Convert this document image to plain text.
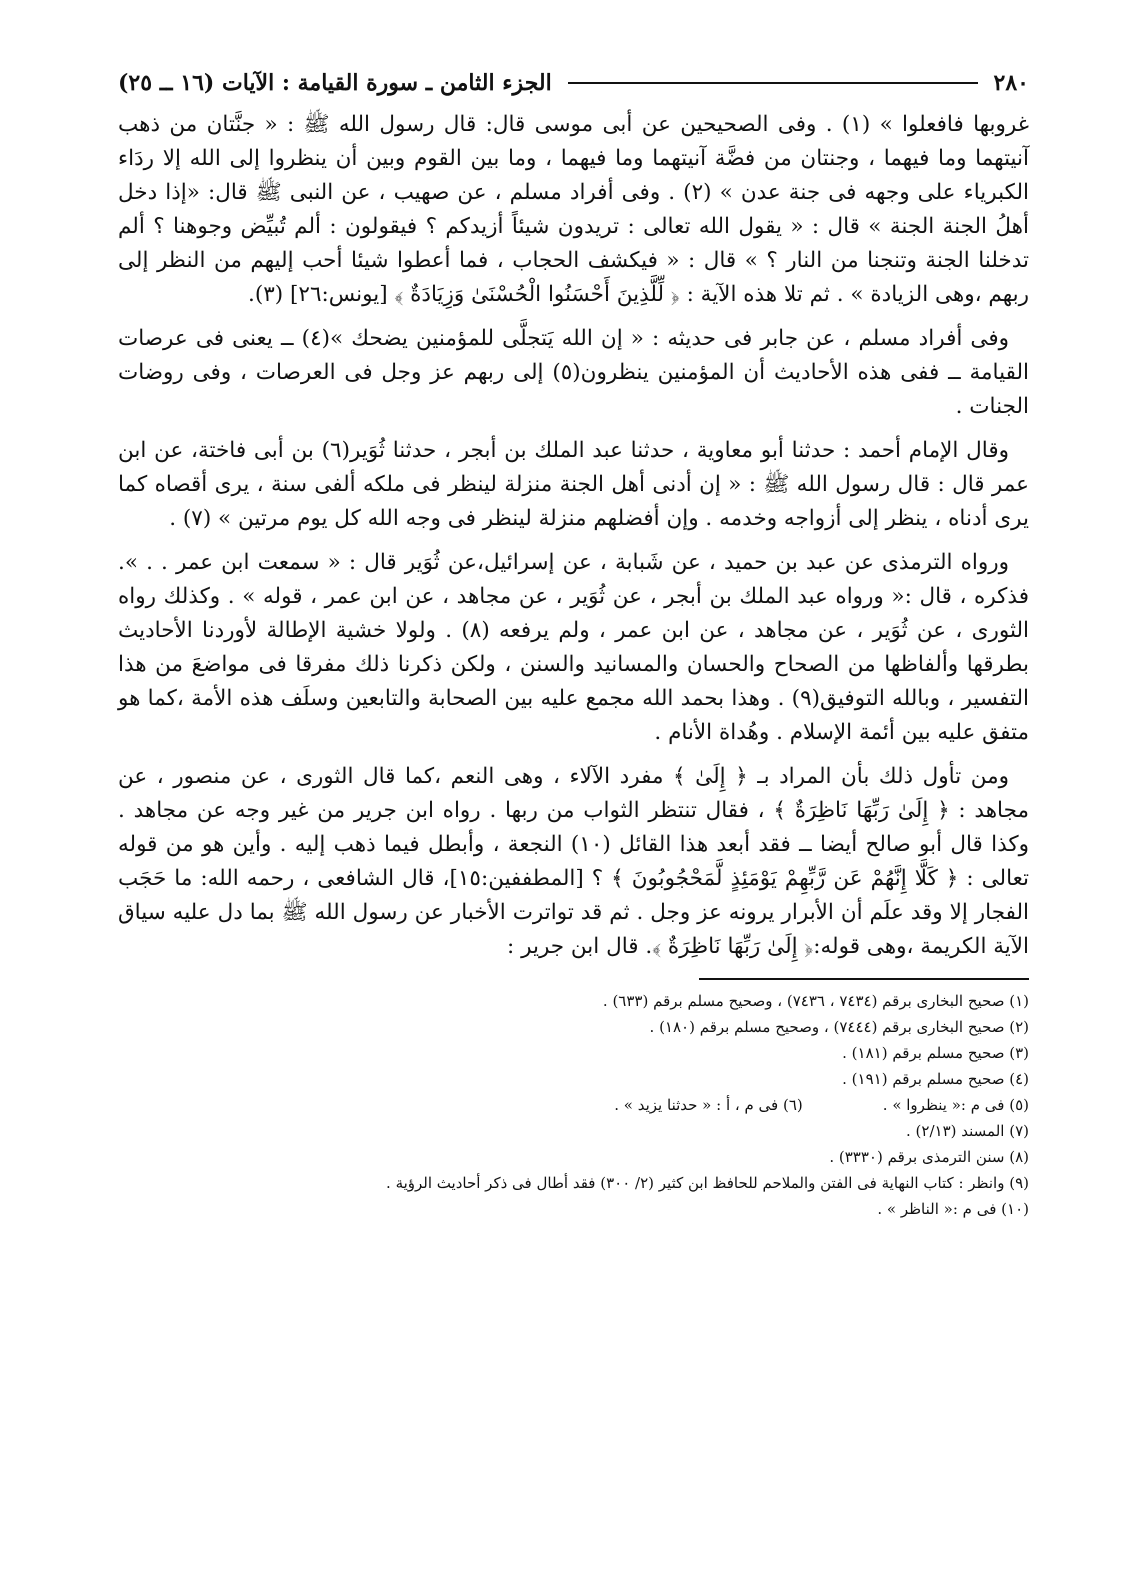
٢٨٠
الجزء الثامن ـ سورة القيامة : الآيات (١٦ ــ ٢٥)

غروبها فافعلوا » (١) . وفى الصحيحين عن أبى موسى قال: قال رسول الله ﷺ : « جنَّتان من ذهب آنيتهما وما فيهما ، وجنتان من فضَّة آنيتهما وما فيهما ، وما بين القوم وبين أن ينظروا إلى الله إلا ردَاء الكبرياء على وجهه فى جنة عدن » (٢) . وفى أفراد مسلم ، عن صهيب ، عن النبى ﷺ قال: «إذا دخل أهلُ الجنة الجنة » قال : « يقول الله تعالى : تريدون شيئاً أزيدكم ؟ فيقولون : ألم تُبيِّض وجوهنا ؟ ألم تدخلنا الجنة وتنجنا من النار ؟ » قال : « فيكشف الحجاب ، فما أعطوا شيئا أحب إليهم من النظر إلى ربهم ،وهى الزيادة » . ثم تلا هذه الآية : ﴿ لِّلَّذِينَ أَحْسَنُوا الْحُسْنَىٰ وَزِيَادَةٌ ﴾ [يونس:٢٦] (٣).

وفى أفراد مسلم ، عن جابر فى حديثه : « إن الله يَتجلَّى للمؤمنين يضحك »(٤) ــ يعنى فى عرصات القيامة ــ ففى هذه الأحاديث أن المؤمنين ينظرون(٥) إلى ربهم عز وجل فى العرصات ، وفى روضات الجنات .

وقال الإمام أحمد : حدثنا أبو معاوية ، حدثنا عبد الملك بن أبجر ، حدثنا ثُوَير(٦) بن أبى فاختة، عن ابن عمر قال : قال رسول الله ﷺ : « إن أدنى أهل الجنة منزلة لينظر فى ملكه ألفى سنة ، يرى أقصاه كما يرى أدناه ، ينظر إلى أزواجه وخدمه . وإن أفضلهم منزلة لينظر فى وجه الله كل يوم مرتين » (٧) .

ورواه الترمذى عن عبد بن حميد ، عن شَبابة ، عن إسرائيل،عن ثُوَير قال : « سمعت ابن عمر . . ». فذكره ، قال :« ورواه عبد الملك بن أبجر ، عن ثُوَير ، عن مجاهد ، عن ابن عمر ، قوله » . وكذلك رواه الثورى ، عن ثُوَير ، عن مجاهد ، عن ابن عمر ، ولم يرفعه (٨) . ولولا خشية الإطالة لأوردنا الأحاديث بطرقها وألفاظها من الصحاح والحسان والمسانيد والسنن ، ولكن ذكرنا ذلك مفرقا فى مواضعَ من هذا التفسير ، وبالله التوفيق(٩) . وهذا بحمد الله مجمع عليه بين الصحابة والتابعين وسلَف هذه الأمة ،كما هو متفق عليه بين أئمة الإسلام . وهُداة الأنام .

ومن تأول ذلك بأن المراد بـ ﴿ إِلَىٰ ﴾ مفرد الآلاء ، وهى النعم ،كما قال الثورى ، عن منصور ، عن مجاهد : ﴿ إِلَىٰ رَبِّهَا نَاظِرَةٌ ﴾ ، فقال تنتظر الثواب من ربها . رواه ابن جرير من غير وجه عن مجاهد . وكذا قال أبو صالح أيضا ــ فقد أبعد هذا القائل (١٠) النجعة ، وأبطل فيما ذهب إليه . وأين هو من قوله تعالى : ﴿ كَلَّا إِنَّهُمْ عَن رَّبِّهِمْ يَوْمَئِذٍ لَّمَحْجُوبُونَ ﴾ ؟ [المطففين:١٥]، قال الشافعى ، رحمه الله: ما حَجَب الفجار إلا وقد علَم أن الأبرار يرونه عز وجل . ثم قد تواترت الأخبار عن رسول الله ﷺ بما دل عليه سياق الآية الكريمة ،وهى قوله:﴿ إِلَىٰ رَبِّهَا نَاظِرَةٌ ﴾. قال ابن جرير :

(١) صحيح البخارى برقم (٧٤٣٤ ، ٧٤٣٦) ، وصحيح مسلم برقم (٦٣٣) .
(٢) صحيح البخارى برقم (٧٤٤٤) ، وصحيح مسلم برقم (١٨٠) .
(٣) صحيح مسلم برقم (١٨١) .
(٤) صحيح مسلم برقم (١٩١) .
(٥) فى م :« ينظروا » .
(٦) فى م ، أ : « حدثنا يزيد » .
(٧) المسند (٢/١٣) .
(٨) سنن الترمذى برقم (٣٣٣٠) .
(٩) وانظر : كتاب النهاية فى الفتن والملاحم للحافظ ابن كثير (٢/ ٣٠٠) فقد أطال فى ذكر أحاديث الرؤية .
(١٠) فى م :« الناظر » .
